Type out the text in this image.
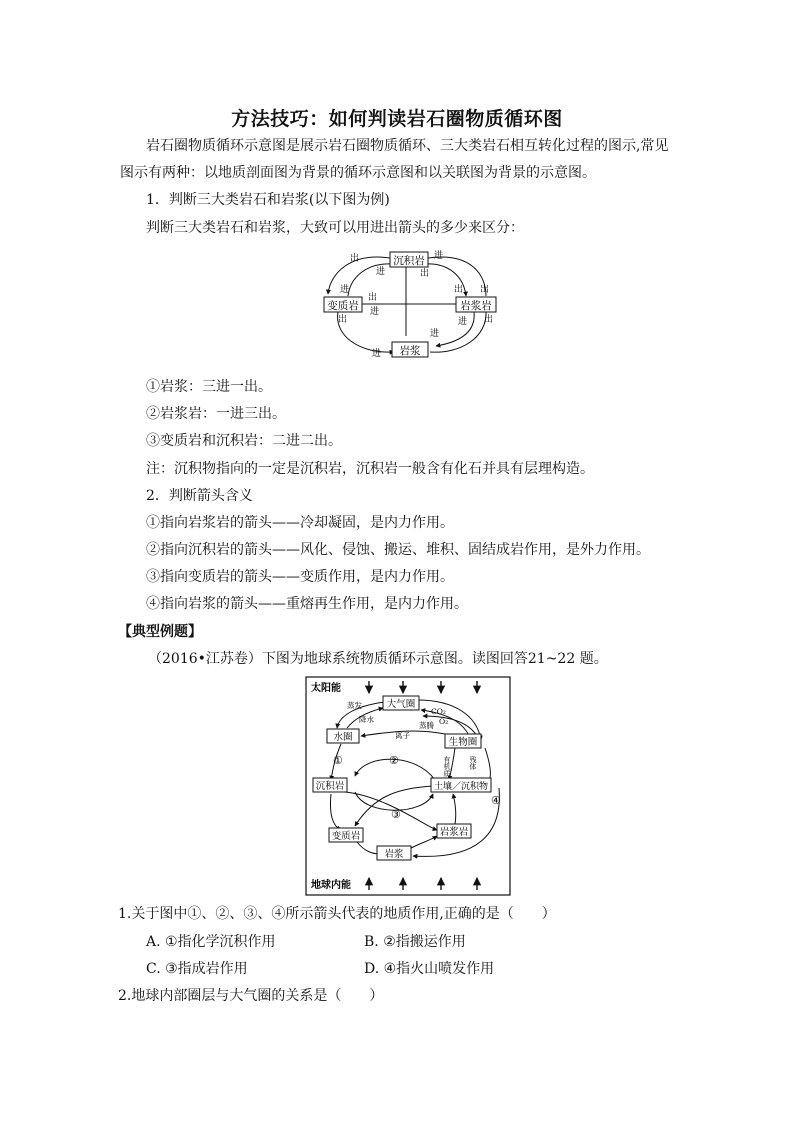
方法技巧：如何判读岩石圈物质循环图
岩石圈物质循环示意图是展示岩石圈物质循环、三大类岩石相互转化过程的图示,常见
图示有两种：以地质剖面图为背景的循环示意图和以关联图为背景的示意图。
1．判断三大类岩石和岩浆(以下图为例)
判断三大类岩石和岩浆，大致可以用进出箭头的多少来区分：
沉积岩
变质岩	岩浆岩
岩浆
出
进
进
出
进
出
出 出
出
进
进 出
进
进
①岩浆：三进一出。
②岩浆岩：一进三出。
③变质岩和沉积岩：二进二出。
注：沉积物指向的一定是沉积岩，沉积岩一般含有化石并具有层理构造。
2．判断箭头含义
①指向岩浆岩的箭头——冷却凝固，是内力作用。
②指向沉积岩的箭头——风化、侵蚀、搬运、堆积、固结成岩作用，是外力作用。
③指向变质岩的箭头——变质作用，是内力作用。
④指向岩浆的箭头——重熔再生作用，是内力作用。
【典型例题】
（2016•江苏卷）下图为地球系统物质循环示意图。读图回答21~22 题。
太阳能
地球内能
大气圈
水圈	生物圈
沉积岩	土壤／沉积物
变质岩	岩浆岩
岩浆
蒸发
降水
蒸腾
CO₂
O₂
离子
有机质	残体
①	②
③
④
1.关于图中①、②、③、④所示箭头代表的地质作用,正确的是（　　）
A. ①指化学沉积作用	B. ②指搬运作用
C. ③指成岩作用	D. ④指火山喷发作用
2.地球内部圈层与大气圈的关系是（　　）
